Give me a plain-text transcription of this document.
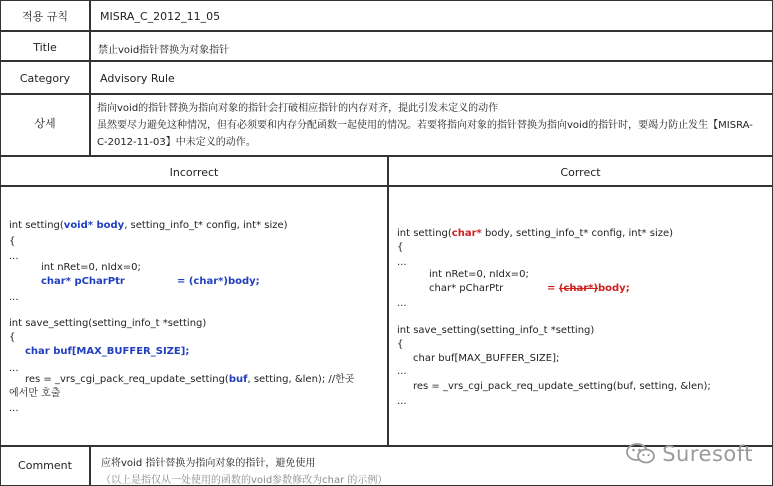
적용 규칙	MISRA_C_2012_11_05
Title	禁止void指针替换为对象指针
Category	Advisory Rule
상세
指向void的指针替换为指向对象的指针会打破相应指针的内存对齐，提此引发未定义的动作
虽然要尽力避免这种情况，但有必须要和内存分配函数一起使用的情况。若要将指向对象的指针替换为指向void的指针时，要竭力防止发生【MISRA-
C-2012-11-03】中未定义的动作。
Incorrect	Correct
int setting(void* body, setting_info_t* config, int* size)
{
...
int nRet=0, nIdx=0;
char* pCharPtr	= (char*)body;
...
int save_setting(setting_info_t *setting)
{
char buf[MAX_BUFFER_SIZE];
...
res = _vrs_cgi_pack_req_update_setting(buf, setting, &len); //한곳
에서만 호출
...
int setting(char* body, setting_info_t* config, int* size)
{
...
int nRet=0, nIdx=0;
char* pCharPtr	= (char*)body;
...
int save_setting(setting_info_t *setting)
{
char buf[MAX_BUFFER_SIZE];
...
res = _vrs_cgi_pack_req_update_setting(buf, setting, &len);
...
Comment	应将void 指针替换为指向对象的指针，避免使用
（以上是指仅从一处使用的函数的void参数修改为char 的示例）
Suresoft
